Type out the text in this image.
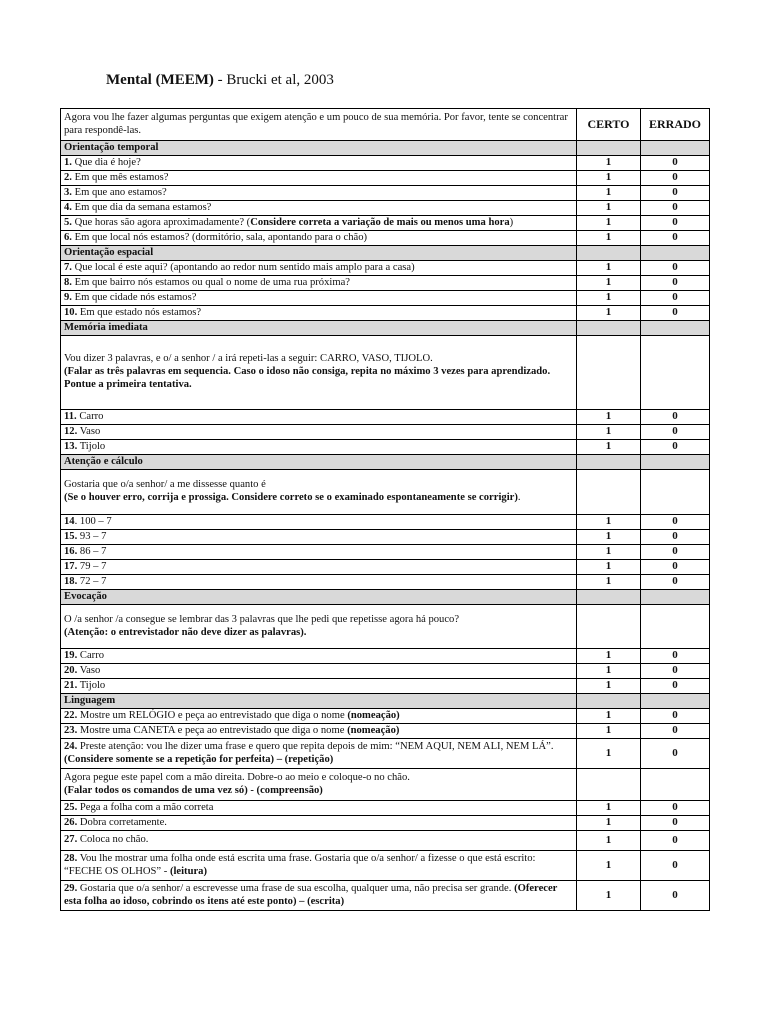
Mental (MEEM) - Brucki et al, 2003
Agora vou lhe fazer algumas perguntas que exigem atenção e um pouco de sua memória. Por favor, tente se concentrar para respondê-las.	CERTO	ERRADO
Orientação temporal		
1. Que dia é hoje?	1	0
2. Em que mês estamos?	1	0
3. Em que ano estamos?	1	0
4. Em que dia da semana estamos?	1	0
5. Que horas são agora aproximadamente? (Considere correta a variação de mais ou menos uma hora)	1	0
6. Em que local nós estamos? (dormitório, sala, apontando para o chão)	1	0
Orientação espacial		
7. Que local é este aqui? (apontando ao redor num sentido mais amplo para a casa)	1	0
8. Em que bairro nós estamos ou qual o nome de uma rua próxima?	1	0
9. Em que cidade nós estamos?	1	0
10. Em que estado nós estamos?	1	0
Memória imediata		
Vou dizer 3 palavras, e o/ a senhor / a irá repeti-las a seguir: CARRO, VASO, TIJOLO.
(Falar as três palavras em sequencia. Caso o idoso não consiga, repita no máximo 3 vezes para aprendizado. Pontue a primeira tentativa.		
11. Carro	1	0
12. Vaso	1	0
13. Tijolo	1	0
Atenção e cálculo		
Gostaria que o/a senhor/ a me dissesse quanto é
(Se o houver erro, corrija e prossiga. Considere correto se o examinado espontaneamente se corrigir).		
14. 100 – 7	1	0
15. 93 – 7	1	0
16. 86 – 7	1	0
17. 79 – 7	1	0
18. 72 – 7	1	0
Evocação		
O /a senhor /a consegue se lembrar das 3 palavras que lhe pedi que repetisse agora há pouco?
(Atenção: o entrevistador não deve dizer as palavras).		
19. Carro	1	0
20. Vaso	1	0
21. Tijolo	1	0
Linguagem		
22. Mostre um RELÓGIO e peça ao entrevistado que diga o nome (nomeação)	1	0
23. Mostre uma CANETA e peça ao entrevistado que diga o nome (nomeação)	1	0
24. Preste atenção: vou lhe dizer uma frase e quero que repita depois de mim: “NEM AQUI, NEM ALI, NEM LÁ”. (Considere somente se a repetição for perfeita) – (repetição)	1	0
Agora pegue este papel com a mão direita. Dobre-o ao meio e coloque-o no chão.
(Falar todos os comandos de uma vez só) - (compreensão)		
25. Pega a folha com a mão correta	1	0
26. Dobra corretamente.	1	0
27. Coloca no chão.	1	0
28. Vou lhe mostrar uma folha onde está escrita uma frase. Gostaria que o/a senhor/ a fizesse o que está escrito: “FECHE OS OLHOS” - (leitura)	1	0
29. Gostaria que o/a senhor/ a escrevesse uma frase de sua escolha, qualquer uma, não precisa ser grande. (Oferecer esta folha ao idoso, cobrindo os itens até este ponto) – (escrita)	1	0
